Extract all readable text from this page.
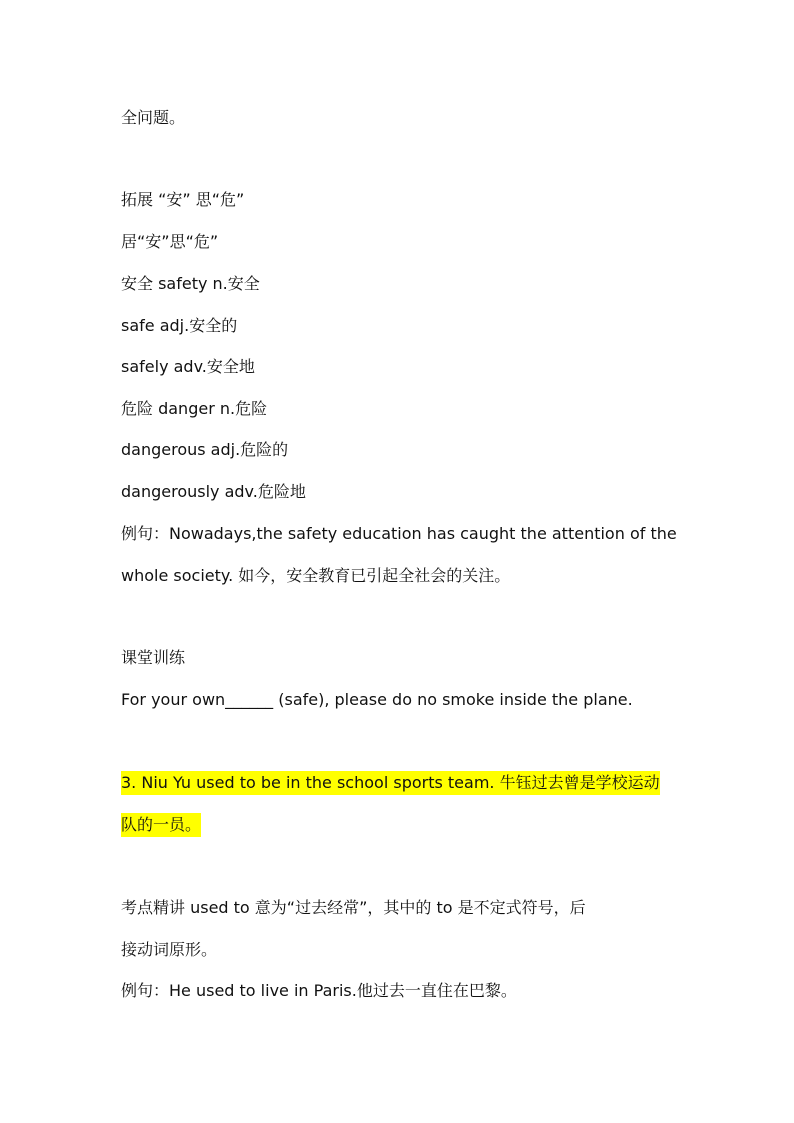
全问题。
拓展 “安” 思“危”
居“安”思“危”
安全 safety n.安全
safe adj.安全的
safely adv.安全地
危险 danger n.危险
dangerous adj.危险的
dangerously adv.危险地
例句：Nowadays,the safety education has caught the attention of the
whole society. 如今，安全教育已引起全社会的关注。
课堂训练
For your own______ (safe), please do no smoke inside the plane.
3. Niu Yu used to be in the school sports team. 牛钰过去曾是学校运动
队的一员。
考点精讲 used to 意为“过去经常”，其中的 to 是不定式符号，后
接动词原形。
例句：He used to live in Paris.他过去一直住在巴黎。
